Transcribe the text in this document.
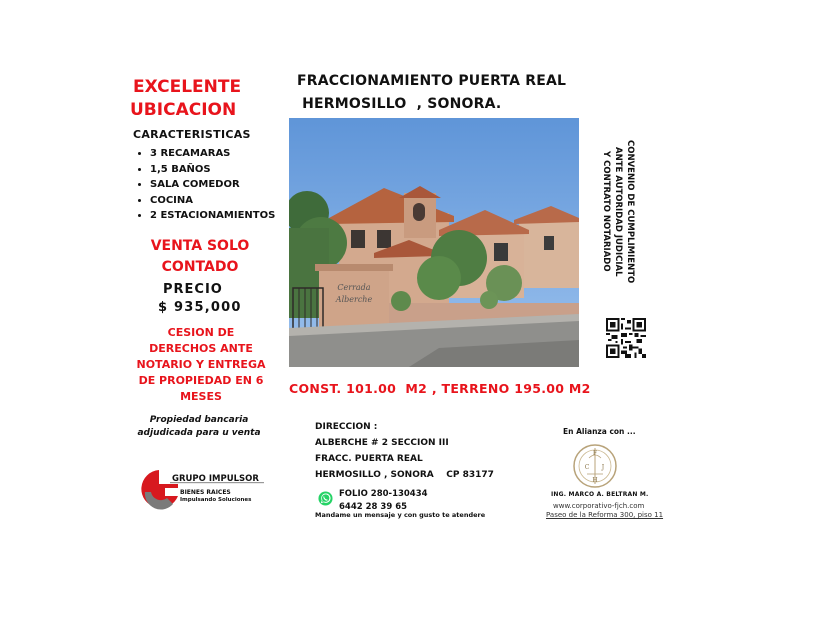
EXCELENTE
UBICACION
CARACTERISTICAS
• 3 RECAMARAS
• 1,5 BAÑOS
• SALA COMEDOR
• COCINA
• 2 ESTACIONAMIENTOS
VENTA SOLO
CONTADO
PRECIO
$ 935,000
CESION DE
DERECHOS ANTE
NOTARIO Y ENTREGA
DE PROPIEDAD EN 6
MESES
Propiedad bancaria
adjudicada para u venta
GRUPO IMPULSOR
BIENES RAICES
Impulsando Soluciones
FRACCIONAMIENTO PUERTA REAL
HERMOSILLO  , SONORA.
Cerrada
Alberche
CONVENIO DE CUMPLIMIENTO
ANTE AUTORIDAD JUDICIAL
Y CONTRATO NOTARIADO
CONST. 101.00  M2 , TERRENO 195.00 M2
DIRECCION :
ALBERCHE # 2 SECCION III
FRACC. PUERTA REAL
HERMOSILLO , SONORA    CP 83177
FOLIO 280-130434
6442 28 39 65
Mandame un mensaje y con gusto te atendere
En Alianza con ...
F
C J
H
ING. MARCO A. BELTRAN M.
www.corporativo-fjch.com
Paseo de la Reforma 300, piso 11
